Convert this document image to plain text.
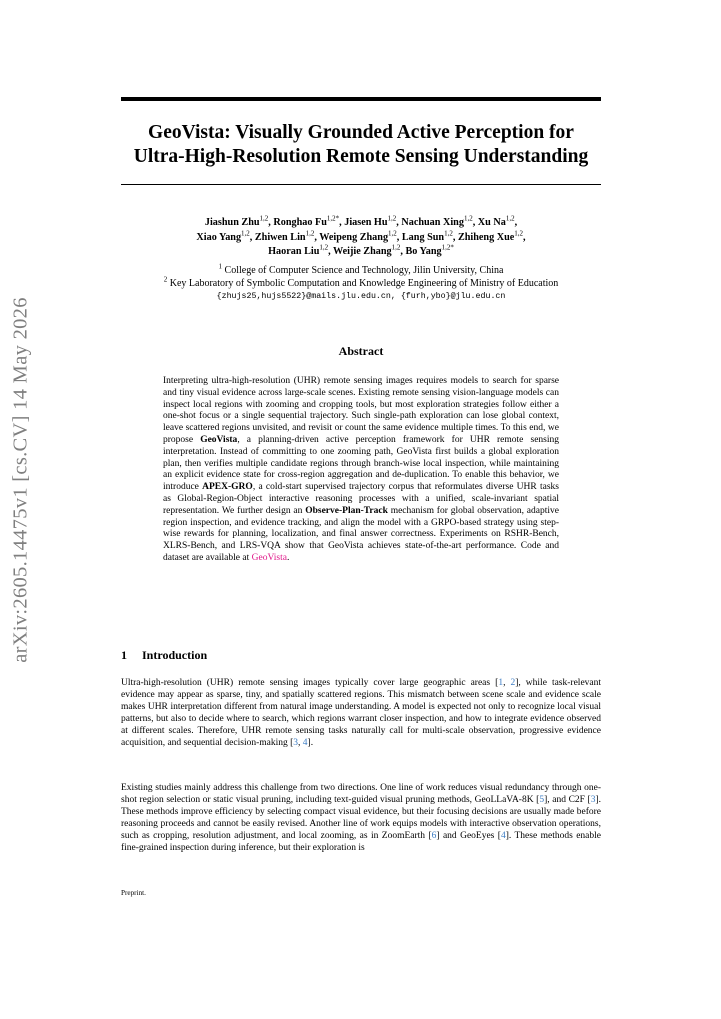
arXiv:2605.14475v1 [cs.CV] 14 May 2026
GeoVista: Visually Grounded Active Perception for Ultra-High-Resolution Remote Sensing Understanding
Jiashun Zhu$^{1,2}$, Ronghao $Fu^{1,2*}$, Jiasen Hu$^{1,2}$, Nachuan Xing$^{1,2}$, Xu Na$^{1,2}$,
Xiao Yang$^{1,2}$, Zhiwen Lin$^{1,2}$, Weipeng Zhang$^{1,2}$, Lang Sun$^{1,2}$, Zhiheng Xue$^{1,2}$,
Haoran Liu$^{1,2}$, Weijie Zhang$^{1,2}$, Bo Yang$^{1,2*}$
$^1$ College of Computer Science and Technology, Jilin University, China
$^2$ Key Laboratory of Symbolic Computation and Knowledge Engineering of Ministry of Education
{zhujs25,hujs5522}@mails.jlu.edu.cn, {furh,ybo}@jlu.edu.cn
Abstract

Interpreting ultra-high-resolution (UHR) remote sensing images requires models to search for sparse and tiny visual evidence across large-scale scenes. Existing remote sensing vision-language models can inspect local regions with zooming and cropping tools, but most exploration strategies follow either a one-shot focus or a single sequential trajectory. Such single-path exploration can lose global context, leave scattered regions unvisited, and revisit or count the same evidence multiple times. To this end, we propose GeoVista, a planning-driven active perception framework for UHR remote sensing interpretation. Instead of committing to one zooming path, GeoVista first builds a global exploration plan, then verifies multiple candidate regions through branch-wise local inspection, while maintaining an explicit evidence state for cross-region aggregation and de-duplication. To enable this behavior, we introduce APEX-GRO, a cold-start supervised trajectory corpus that reformulates diverse UHR tasks as Global-Region-Object interactive reasoning processes with a unified, scale-invariant spatial representation. We further design an Observe-Plan-Track mechanism for global observation, adaptive region inspection, and evidence tracking, and align the model with a GRPO-based strategy using step-wise rewards for planning, localization, and final answer correctness. Experiments on RSHR-Bench, XLRS-Bench, and LRS-VQA show that GeoVista achieves state-of-the-art performance. Code and dataset are available at GeoVista.

1 Introduction

Ultra-high-resolution (UHR) remote sensing images typically cover large geographic areas [1, 2], while task-relevant evidence may appear as sparse, tiny, and spatially scattered regions. This mismatch between scene scale and evidence scale makes UHR interpretation different from natural image understanding. A model is expected not only to recognize local visual patterns, but also to decide where to search, which regions warrant closer inspection, and how to integrate evidence observed at different scales. Therefore, UHR remote sensing tasks naturally call for multi-scale observation, progressive evidence acquisition, and sequential decision-making [3, 4].

Existing studies mainly address this challenge from two directions. One line of work reduces visual redundancy through one-shot region selection or static visual pruning, including text-guided visual pruning methods, GeoLLaVA-8K [5], and C2F [3]. These methods improve efficiency by selecting compact visual evidence, but their focusing decisions are usually made before reasoning proceeds and cannot be easily revised. Another line of work equips models with interactive observation operations, such as cropping, resolution adjustment, and local zooming, as in ZoomEarth [6] and GeoEyes [4]. These methods enable fine-grained inspection during inference, but their exploration is

Preprint.
